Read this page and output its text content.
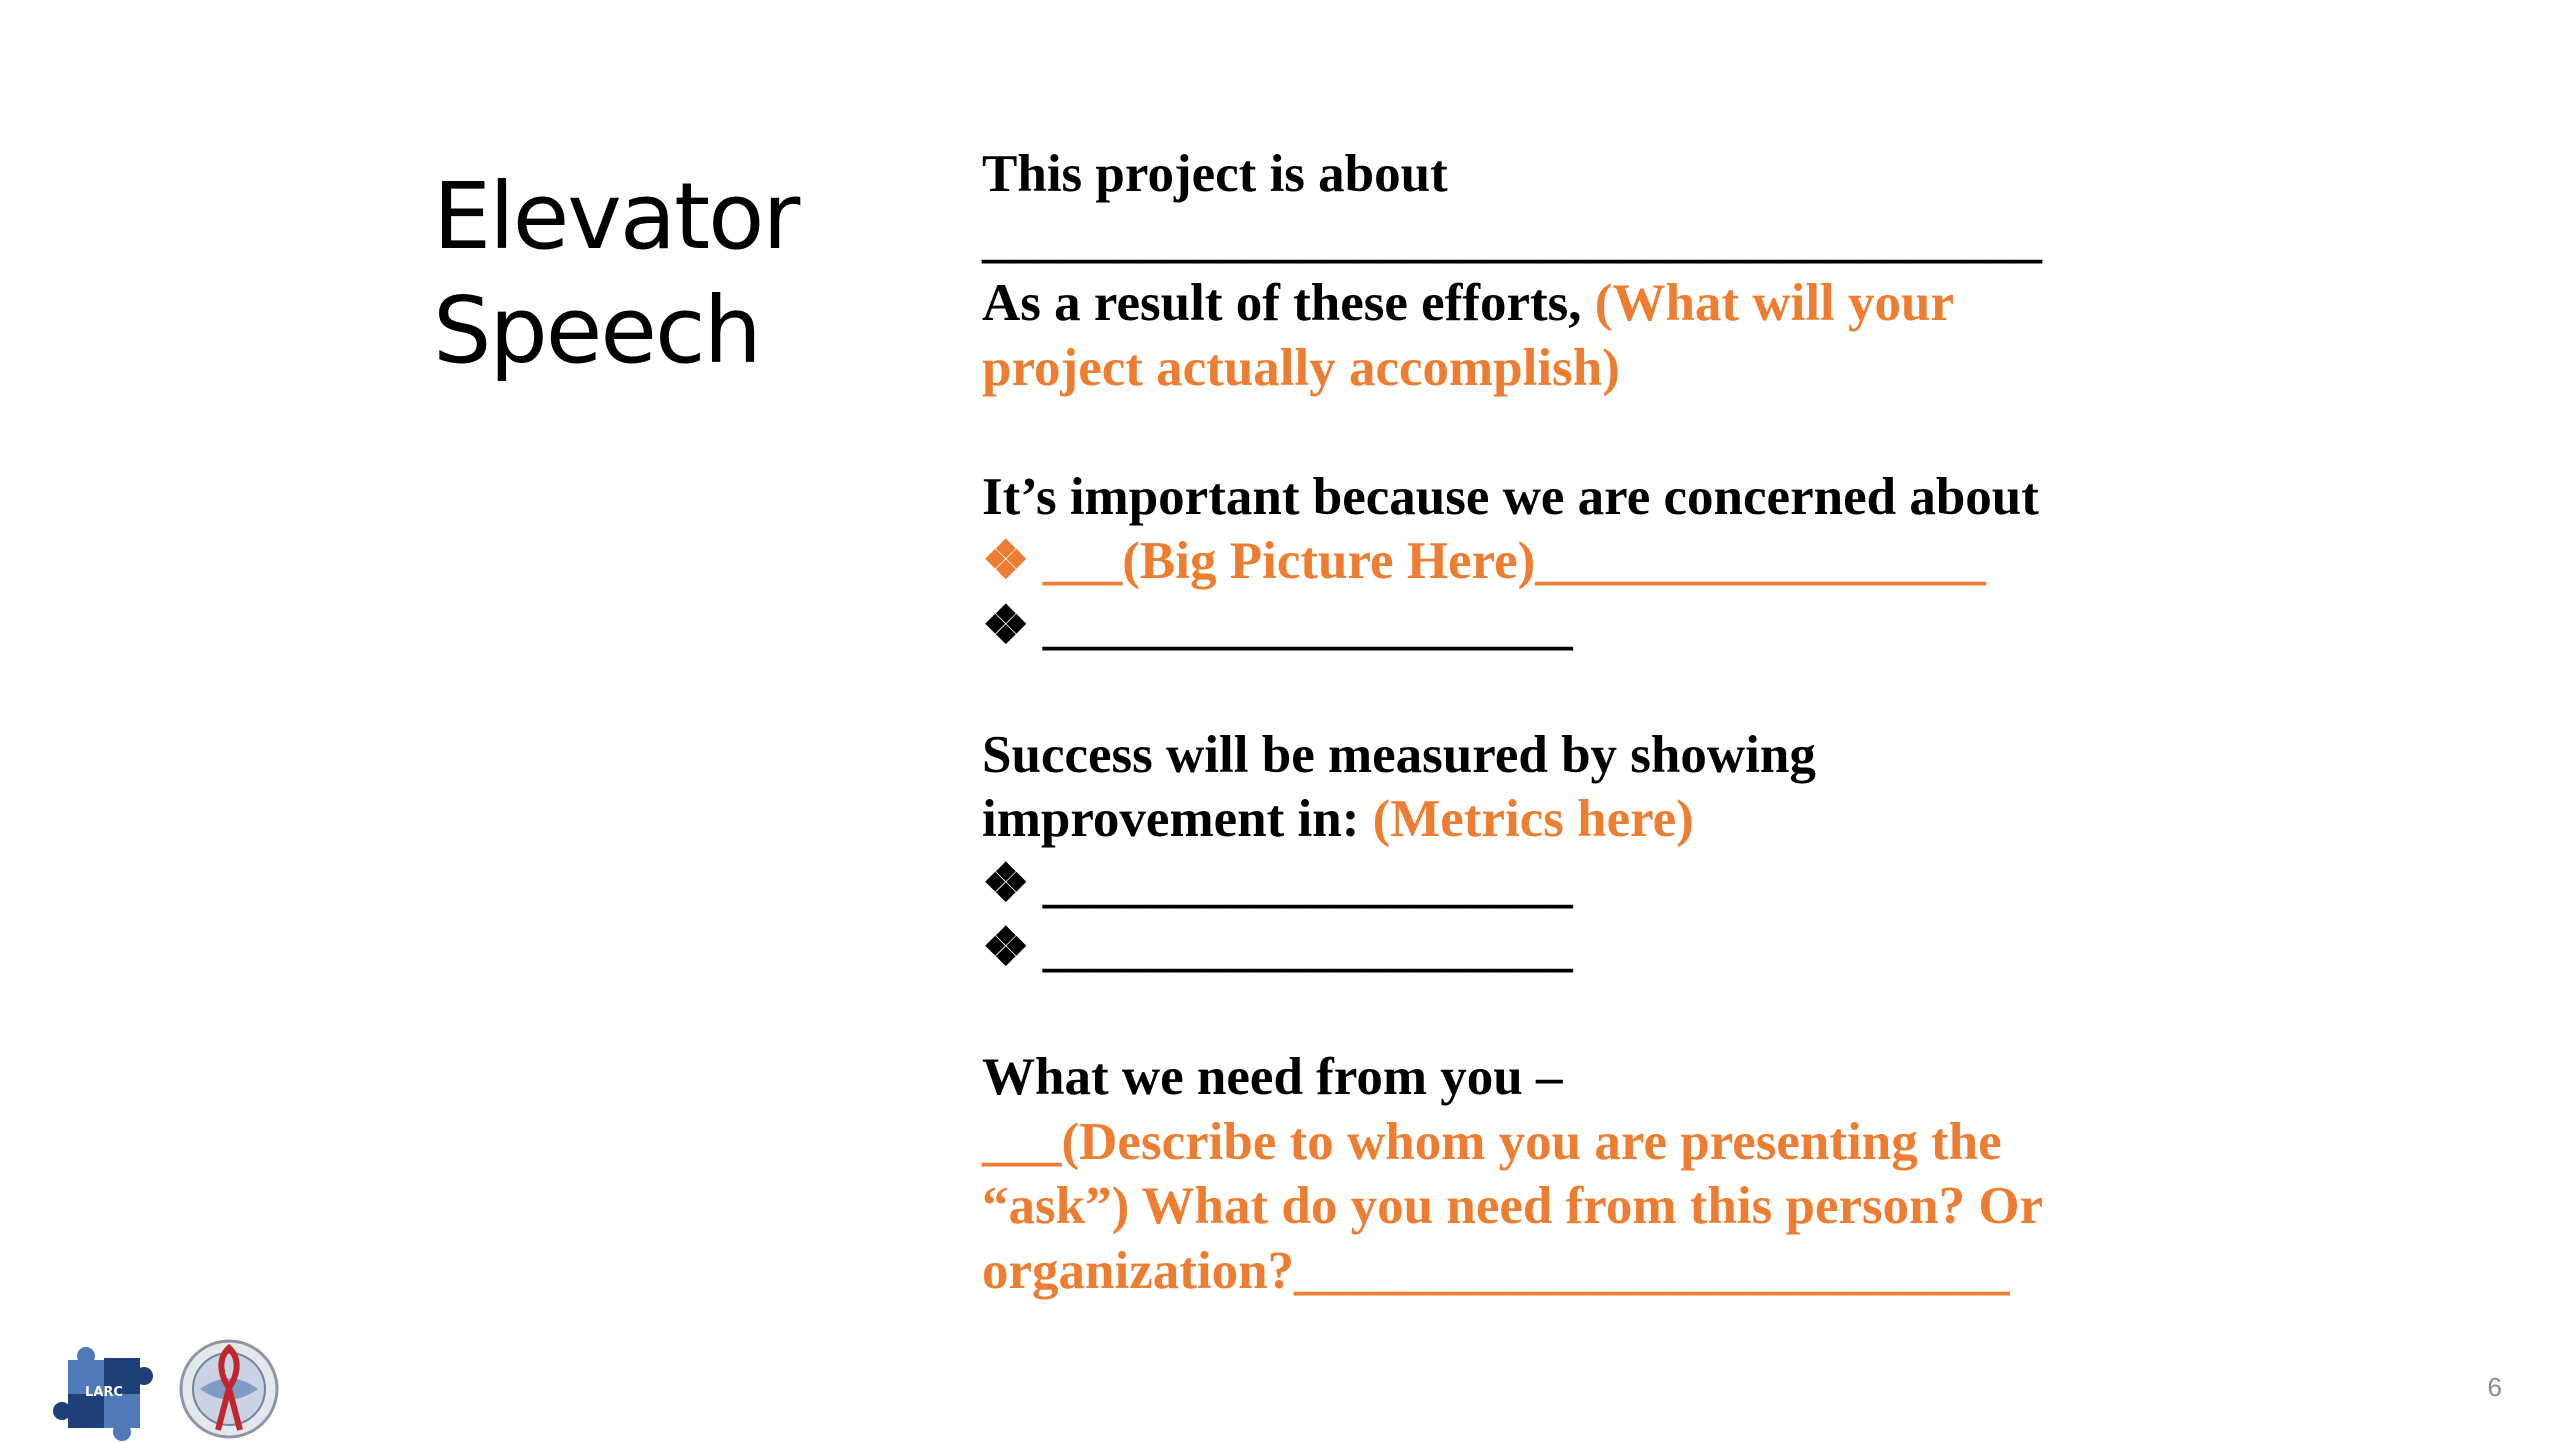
Elevator
Speech

This project is about

________________________________________

As a result of these efforts, (What will your

project actually accomplish)

It’s important because we are concerned about

❖ ___(Big Picture Here)_________________

❖ ____________________

Success will be measured by showing

improvement in: (Metrics here)

❖ ____________________

❖ ____________________

What we need from you –

___(Describe to whom you are presenting the

“ask”) What do you need from this person? Or

organization?___________________________

LARC	6
